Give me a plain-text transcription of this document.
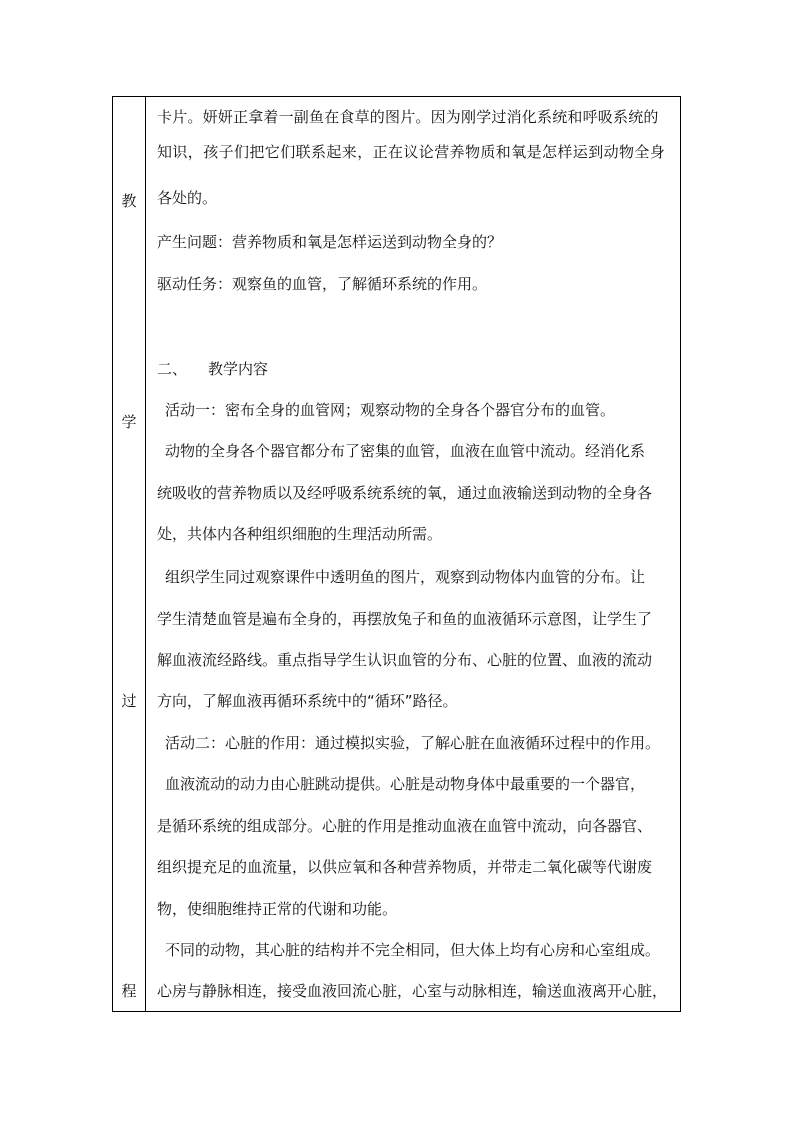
教
学
过
程
卡片。妍妍正拿着一副鱼在食草的图片。因为刚学过消化系统和呼吸系统的
知识，孩子们把它们联系起来，正在议论营养物质和氧是怎样运到动物全身
各处的。
产生问题：营养物质和氧是怎样运送到动物全身的？
驱动任务：观察鱼的血管，了解循环系统的作用。
二、 教学内容
活动一：密布全身的血管网；观察动物的全身各个器官分布的血管。
动物的全身各个器官都分布了密集的血管，血液在血管中流动。经消化系
统吸收的营养物质以及经呼吸系统系统的氧，通过血液输送到动物的全身各
处，共体内各种组织细胞的生理活动所需。
组织学生同过观察课件中透明鱼的图片，观察到动物体内血管的分布。让
学生清楚血管是遍布全身的，再摆放兔子和鱼的血液循环示意图，让学生了
解血液流经路线。重点指导学生认识血管的分布、心脏的位置、血液的流动
方向，了解血液再循环系统中的“循环”路径。
活动二：心脏的作用：通过模拟实验，了解心脏在血液循环过程中的作用。
血液流动的动力由心脏跳动提供。心脏是动物身体中最重要的一个器官，
是循环系统的组成部分。心脏的作用是推动血液在血管中流动，向各器官、
组织提充足的血流量，以供应氧和各种营养物质，并带走二氧化碳等代谢废
物，使细胞维持正常的代谢和功能。
不同的动物，其心脏的结构并不完全相同，但大体上均有心房和心室组成。
心房与静脉相连，接受血液回流心脏，心室与动脉相连，输送血液离开心脏，
